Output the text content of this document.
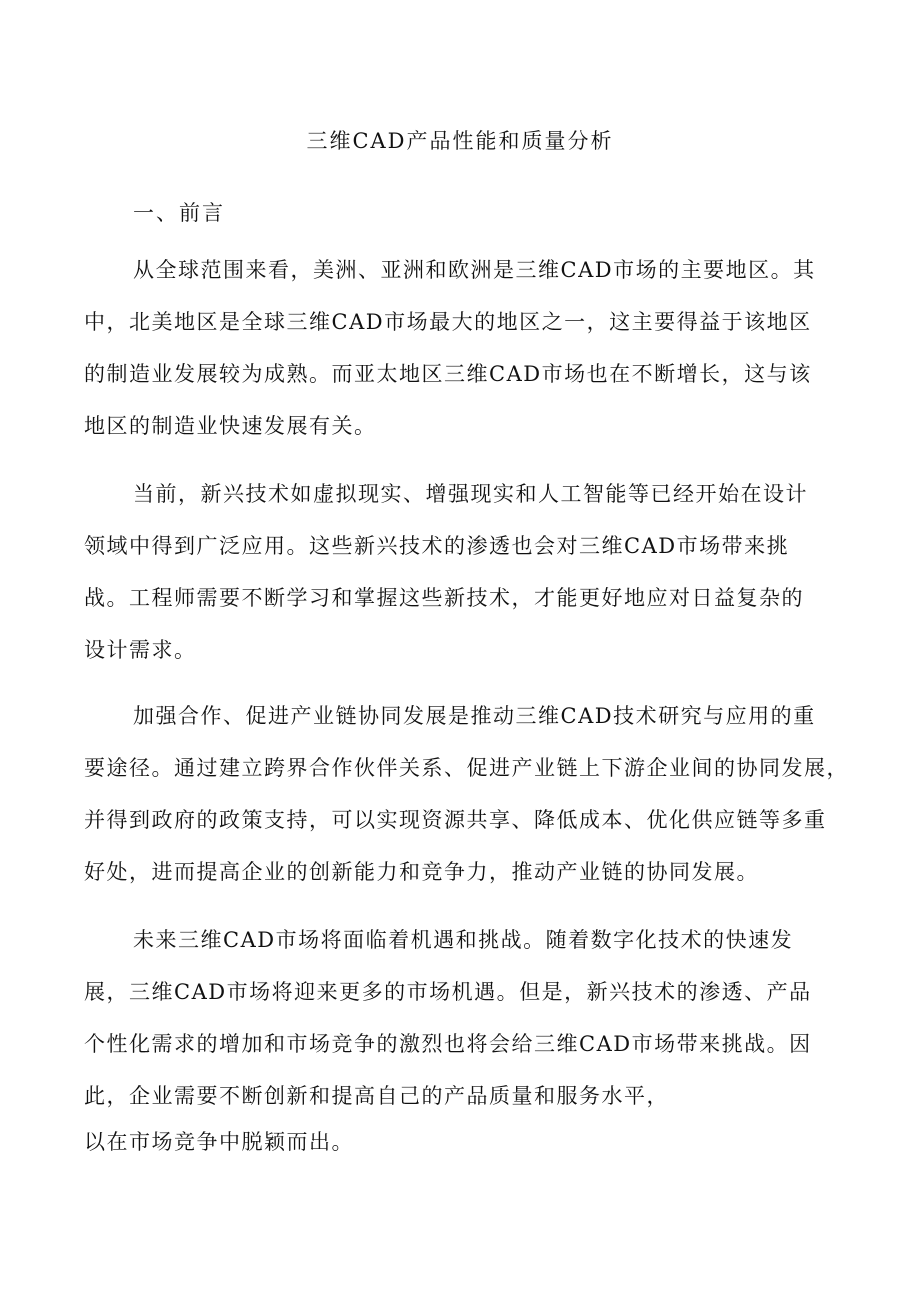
三维CAD产品性能和质量分析
一、前言
从全球范围来看，美洲、亚洲和欧洲是三维CAD市场的主要地区。其
中，北美地区是全球三维CAD市场最大的地区之一，这主要得益于该地区
的制造业发展较为成熟。而亚太地区三维CAD市场也在不断增长，这与该
地区的制造业快速发展有关。
当前，新兴技术如虚拟现实、增强现实和人工智能等已经开始在设计
领域中得到广泛应用。这些新兴技术的渗透也会对三维CAD市场带来挑
战。工程师需要不断学习和掌握这些新技术，才能更好地应对日益复杂的
设计需求。
加强合作、促进产业链协同发展是推动三维CAD技术研究与应用的重
要途径。通过建立跨界合作伙伴关系、促进产业链上下游企业间的协同发展，
并得到政府的政策支持，可以实现资源共享、降低成本、优化供应链等多重
好处，进而提高企业的创新能力和竞争力，推动产业链的协同发展。
未来三维CAD市场将面临着机遇和挑战。随着数字化技术的快速发
展，三维CAD市场将迎来更多的市场机遇。但是，新兴技术的渗透、产品
个性化需求的增加和市场竞争的激烈也将会给三维CAD市场带来挑战。因
此，企业需要不断创新和提高自己的产品质量和服务水平，
以在市场竞争中脱颖而出。
